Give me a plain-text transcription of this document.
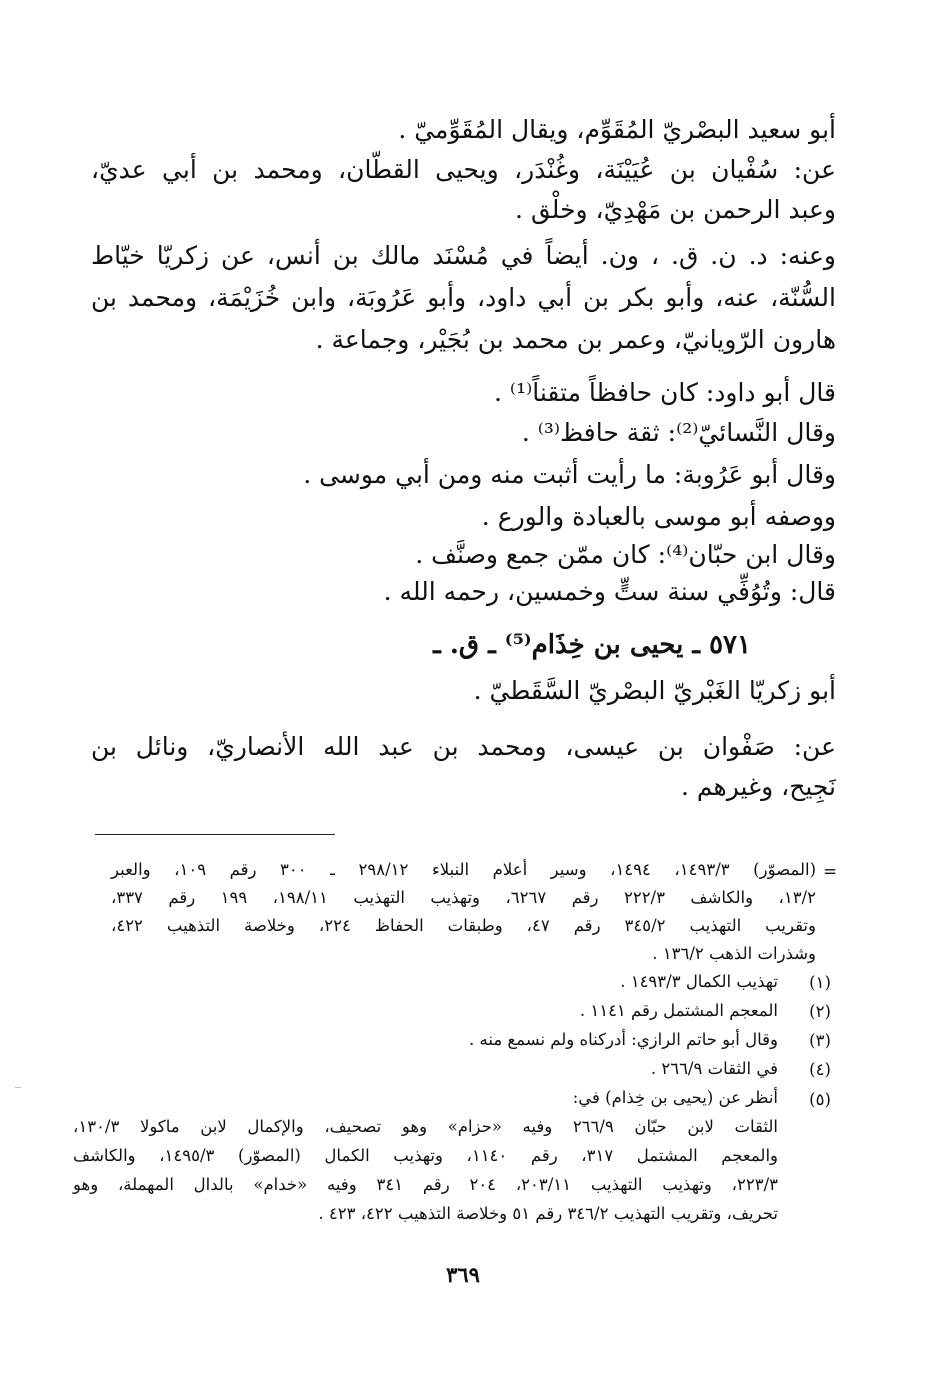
أبو سعيد البصْريّ المُقَوِّم، ويقال المُقَوِّميّ .
عن: سُفْيان بن عُيَيْنَة، وغُنْدَر، ويحيى القطّان، ومحمد بن أبي عديّ،
وعبد الرحمن بن مَهْدِيّ، وخلْق .
وعنه: د. ن. ق. ، ون. أيضاً في مُسْنَد مالك بن أنس، عن زكريّا خيّاط
السُّنّة، عنه، وأبو بكر بن أبي داود، وأبو عَرُوبَة، وابن خُزَيْمَة، ومحمد بن
هارون الرّويانيّ، وعمر بن محمد بن بُجَيْر، وجماعة .
قال أبو داود: كان حافظاً متقناً⁽¹⁾ .
وقال النَّسائيّ⁽²⁾: ثقة حافظ⁽³⁾ .
وقال أبو عَرُوبة: ما رأيت أثبت منه ومن أبي موسى .
ووصفه أبو موسى بالعبادة والورع .
وقال ابن حبّان⁽⁴⁾: كان ممّن جمع وصنَّف .
قال: وتُوُفِّي سنة ستٍّ وخمسين، رحمه الله .
٥٧١ ـ يحيى بن خِذَام⁽⁵⁾ ـ ق. ـ
أبو زكريّا الغَبْريّ البصْريّ السَّقَطيّ .
عن: صَفْوان بن عيسى، ومحمد بن عبد الله الأنصاريّ، ونائل بن
نَجِيح، وغيرهم .
=
(المصوّر) ١٤٩٣/٣، ١٤٩٤، وسير أعلام النبلاء ٢٩٨/١٢ ـ ٣٠٠ رقم ١٠٩، والعبر
١٣/٢، والكاشف ٢٢٢/٣ رقم ٦٢٦٧، وتهذيب التهذيب ١٩٨/١١، ١٩٩ رقم ٣٣٧،
وتقريب التهذيب ٣٤٥/٢ رقم ٤٧، وطبقات الحفاظ ٢٢٤، وخلاصة التذهيب ٤٢٢،
وشذرات الذهب ١٣٦/٢ .
(١)
تهذيب الكمال ١٤٩٣/٣ .
(٢)
المعجم المشتمل رقم ١١٤١ .
(٣)
وقال أبو حاتم الرازي: أدركناه ولم نسمع منه .
(٤)
في الثقات ٢٦٦/٩ .
(٥)
أنظر عن (يحيى بن خِذام) في:
الثقات لابن حبّان ٢٦٦/٩ وفيه «حزام» وهو تصحيف، والإكمال لابن ماكولا ١٣٠/٣،
والمعجم المشتمل ٣١٧، رقم ١١٤٠، وتهذيب الكمال (المصوّر) ١٤٩٥/٣، والكاشف
٢٢٣/٣، وتهذيب التهذيب ٢٠٣/١١، ٢٠٤ رقم ٣٤١ وفيه «خدام» بالدال المهملة، وهو
تحريف، وتقريب التهذيب ٣٤٦/٢ رقم ٥١ وخلاصة التذهيب ٤٢٢، ٤٢٣ .
٣٦٩
